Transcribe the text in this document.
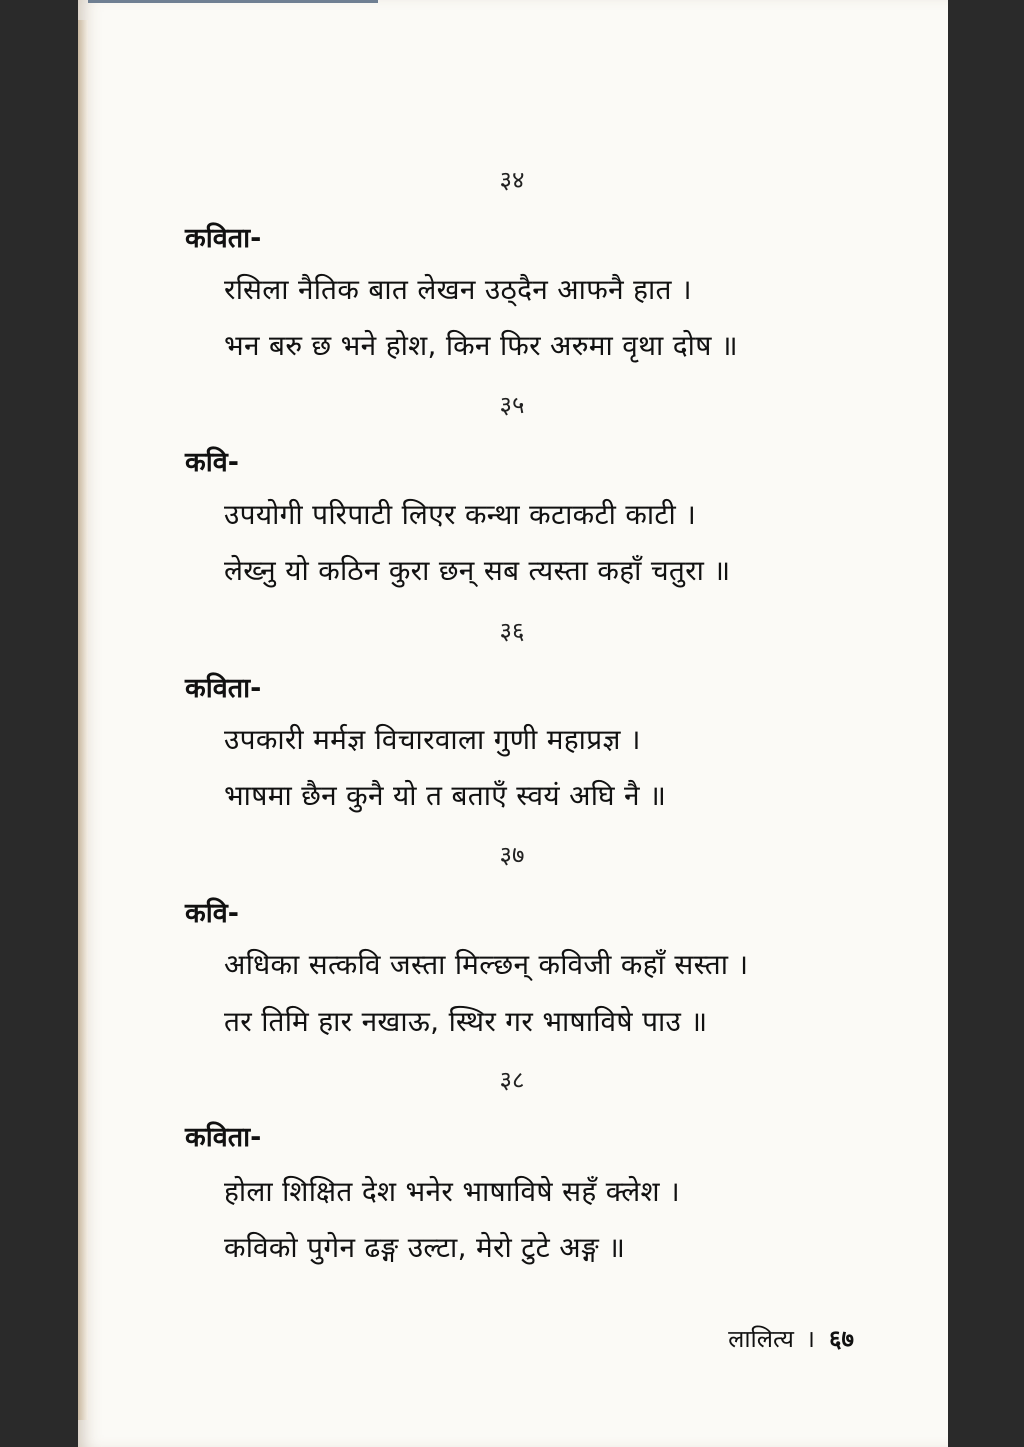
३४
कविता-
रसिला नैतिक बात लेखन उठ्दैन आफनै हात ।
भन बरु छ भने होश, किन फिर अरुमा वृथा दोष ॥
३५
कवि-
उपयोगी परिपाटी लिएर कन्था कटाकटी काटी ।
लेख्नु यो कठिन कुरा छन् सब त्यस्ता कहाँ चतुरा ॥
३६
कविता-
उपकारी मर्मज्ञ विचारवाला गुणी महाप्रज्ञ ।
भाषमा छैन कुनै यो त बताएँ स्वयं अघि नै ॥
३७
कवि-
अधिका सत्कवि जस्ता मिल्छन् कविजी कहाँ सस्ता ।
तर तिमि हार नखाऊ, स्थिर गर भाषाविषे पाउ ॥
३८
कविता-
होला शिक्षित देश भनेर भाषाविषे सहँ क्लेश ।
कविको पुगेन ढङ्ग उल्टा, मेरो टुटे अङ्ग ॥
लालित्य । ६७
